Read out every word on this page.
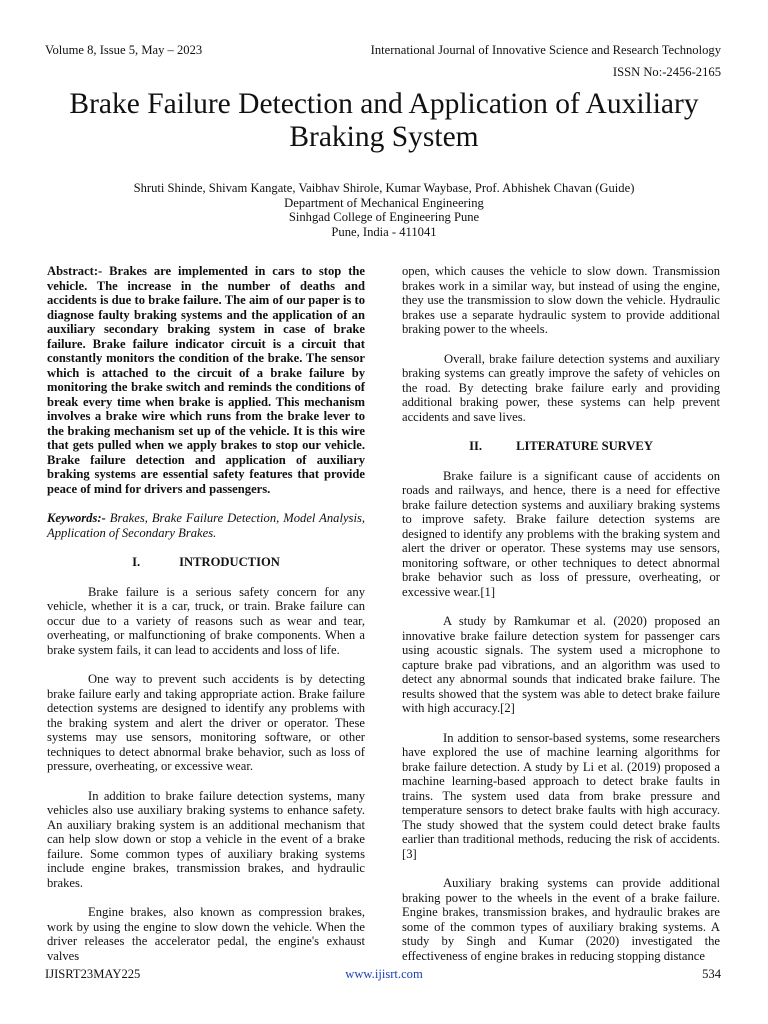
Volume 8, Issue 5, May – 2023	International Journal of Innovative Science and Research Technology
ISSN No:-2456-2165
Brake Failure Detection and Application of Auxiliary
Braking System
Shruti Shinde, Shivam Kangate, Vaibhav Shirole, Kumar Waybase, Prof. Abhishek Chavan (Guide)
Department of Mechanical Engineering
Sinhgad College of Engineering Pune
Pune, India - 411041

Abstract:- Brakes are implemented in cars to stop the vehicle. The increase in the number of deaths and accidents is due to brake failure. The aim of our paper is to diagnose faulty braking systems and the application of an auxiliary secondary braking system in case of brake failure. Brake failure indicator circuit is a circuit that constantly monitors the condition of the brake. The sensor which is attached to the circuit of a brake failure by monitoring the brake switch and reminds the conditions of break every time when brake is applied. This mechanism involves a brake wire which runs from the brake lever to the braking mechanism set up of the vehicle. It is this wire that gets pulled when we apply brakes to stop our vehicle. Brake failure detection and application of auxiliary braking systems are essential safety features that provide peace of mind for drivers and passengers.

Keywords:- Brakes, Brake Failure Detection, Model Analysis, Application of Secondary Brakes.

I.	INTRODUCTION

Brake failure is a serious safety concern for any vehicle, whether it is a car, truck, or train. Brake failure can occur due to a variety of reasons such as wear and tear, overheating, or malfunctioning of brake components. When a brake system fails, it can lead to accidents and loss of life.

One way to prevent such accidents is by detecting brake failure early and taking appropriate action. Brake failure detection systems are designed to identify any problems with the braking system and alert the driver or operator. These systems may use sensors, monitoring software, or other techniques to detect abnormal brake behavior, such as loss of pressure, overheating, or excessive wear.

In addition to brake failure detection systems, many vehicles also use auxiliary braking systems to enhance safety. An auxiliary braking system is an additional mechanism that can help slow down or stop a vehicle in the event of a brake failure. Some common types of auxiliary braking systems include engine brakes, transmission brakes, and hydraulic brakes.

Engine brakes, also known as compression brakes, work by using the engine to slow down the vehicle. When the driver releases the accelerator pedal, the engine's exhaust valves

open, which causes the vehicle to slow down. Transmission brakes work in a similar way, but instead of using the engine, they use the transmission to slow down the vehicle. Hydraulic brakes use a separate hydraulic system to provide additional braking power to the wheels.

Overall, brake failure detection systems and auxiliary braking systems can greatly improve the safety of vehicles on the road. By detecting brake failure early and providing additional braking power, these systems can help prevent accidents and save lives.

II.	LITERATURE SURVEY

Brake failure is a significant cause of accidents on roads and railways, and hence, there is a need for effective brake failure detection systems and auxiliary braking systems to improve safety. Brake failure detection systems are designed to identify any problems with the braking system and alert the driver or operator. These systems may use sensors, monitoring software, or other techniques to detect abnormal brake behavior such as loss of pressure, overheating, or excessive wear.[1]

A study by Ramkumar et al. (2020) proposed an innovative brake failure detection system for passenger cars using acoustic signals. The system used a microphone to capture brake pad vibrations, and an algorithm was used to detect any abnormal sounds that indicated brake failure. The results showed that the system was able to detect brake failure with high accuracy.[2]

In addition to sensor-based systems, some researchers have explored the use of machine learning algorithms for brake failure detection. A study by Li et al. (2019) proposed a machine learning-based approach to detect brake faults in trains. The system used data from brake pressure and temperature sensors to detect brake faults with high accuracy. The study showed that the system could detect brake faults earlier than traditional methods, reducing the risk of accidents.[3]

Auxiliary braking systems can provide additional braking power to the wheels in the event of a brake failure. Engine brakes, transmission brakes, and hydraulic brakes are some of the common types of auxiliary braking systems. A study by Singh and Kumar (2020) investigated the effectiveness of engine brakes in reducing stopping distance

IJISRT23MAY225	www.ijisrt.com	534
